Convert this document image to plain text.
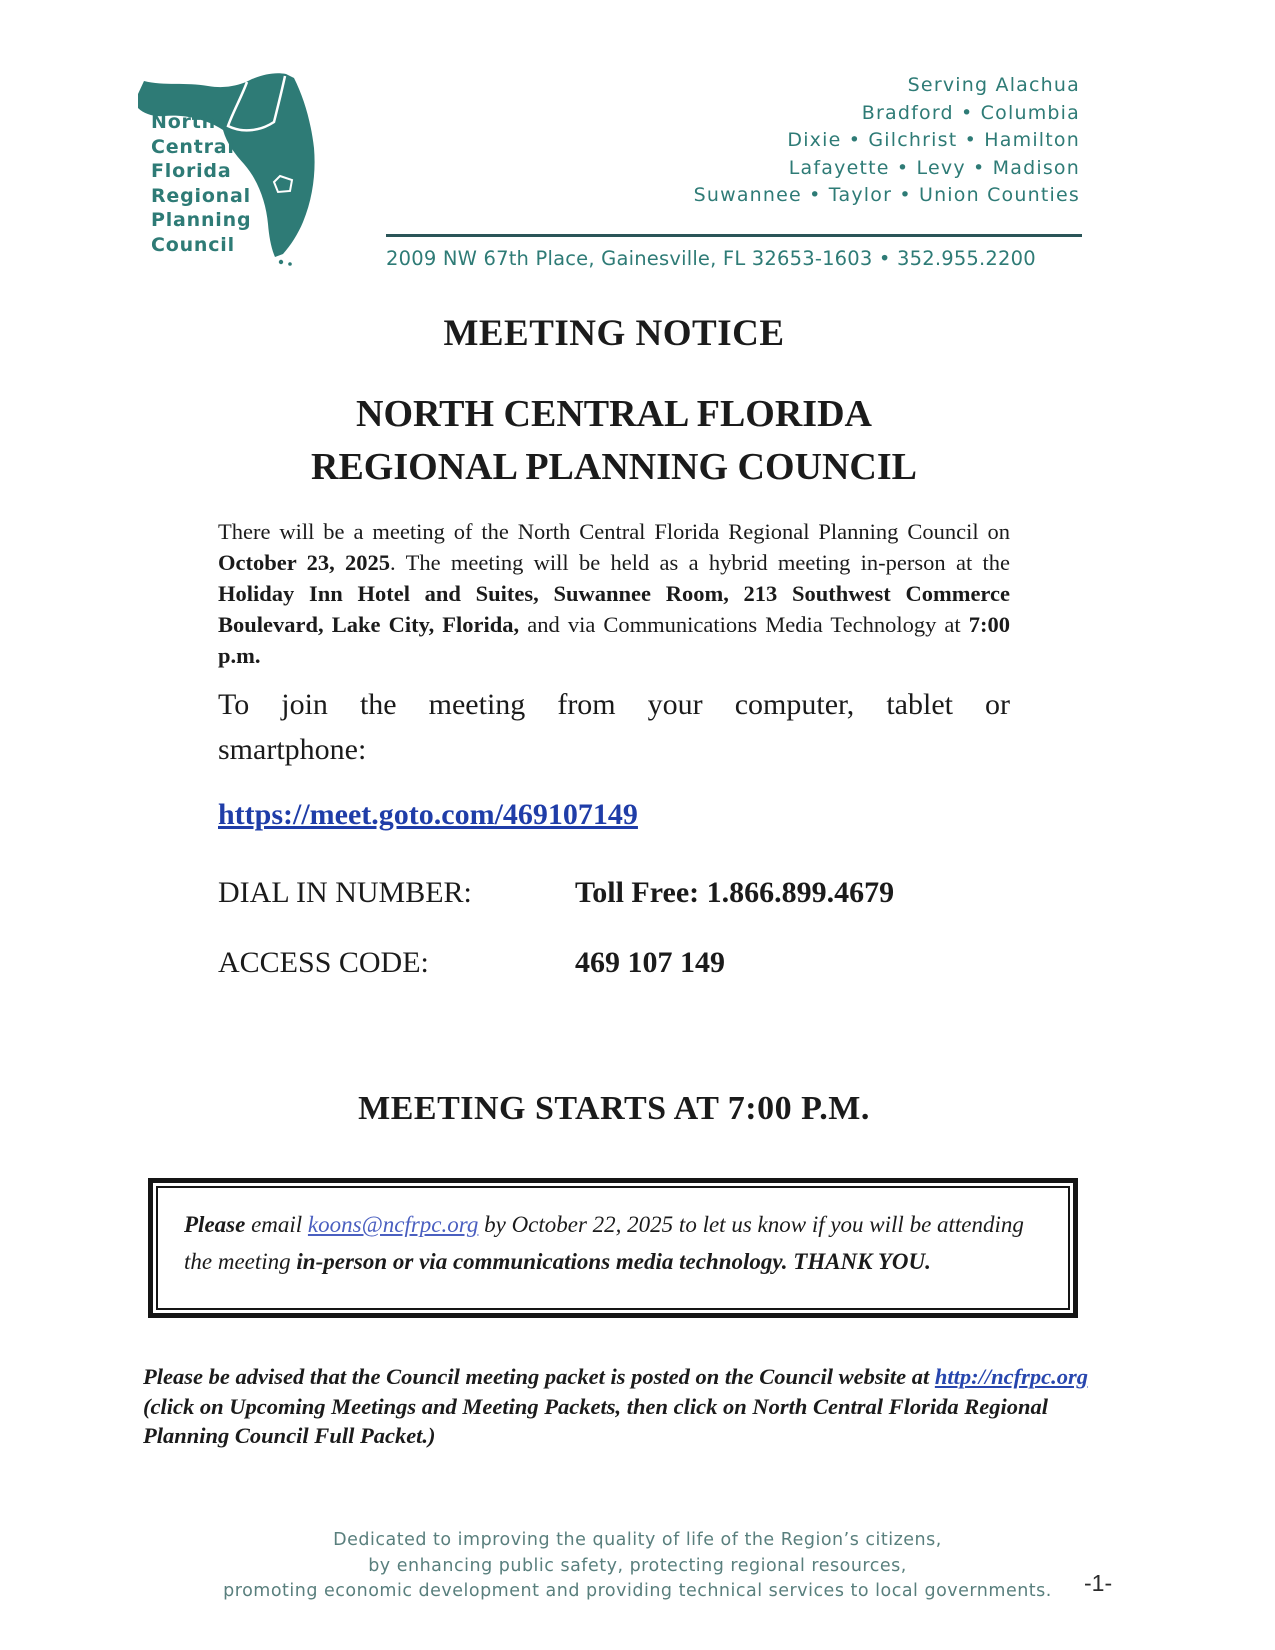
North
Central
Florida
Regional
Planning
Council
Serving Alachua
Bradford • Columbia
Dixie • Gilchrist • Hamilton
Lafayette • Levy • Madison
Suwannee • Taylor • Union Counties
2009 NW 67th Place, Gainesville, FL 32653-1603 • 352.955.2200
MEETING NOTICE
NORTH CENTRAL FLORIDA
REGIONAL PLANNING COUNCIL

There will be a meeting of the North Central Florida Regional Planning Council on October 23, 2025. The meeting will be held as a hybrid meeting in-person at the Holiday Inn Hotel and Suites, Suwannee Room, 213 Southwest Commerce Boulevard, Lake City, Florida, and via Communications Media Technology at 7:00 p.m.

To join the meeting from your computer, tablet or smartphone:

https://meet.goto.com/469107149
DIAL IN NUMBER:	Toll Free: 1.866.899.4679
ACCESS CODE:	469 107 149
MEETING STARTS AT 7:00 P.M.
Please email koons@ncfrpc.org by October 22, 2025 to let us know if you will be attending the meeting in-person or via communications media technology. THANK YOU.

Please be advised that the Council meeting packet is posted on the Council website at http://ncfrpc.org (click on Upcoming Meetings and Meeting Packets, then click on North Central Florida Regional Planning Council Full Packet.)

Dedicated to improving the quality of life of the Region’s citizens,
by enhancing public safety, protecting regional resources,
promoting economic development and providing technical services to local governments.	-1-
